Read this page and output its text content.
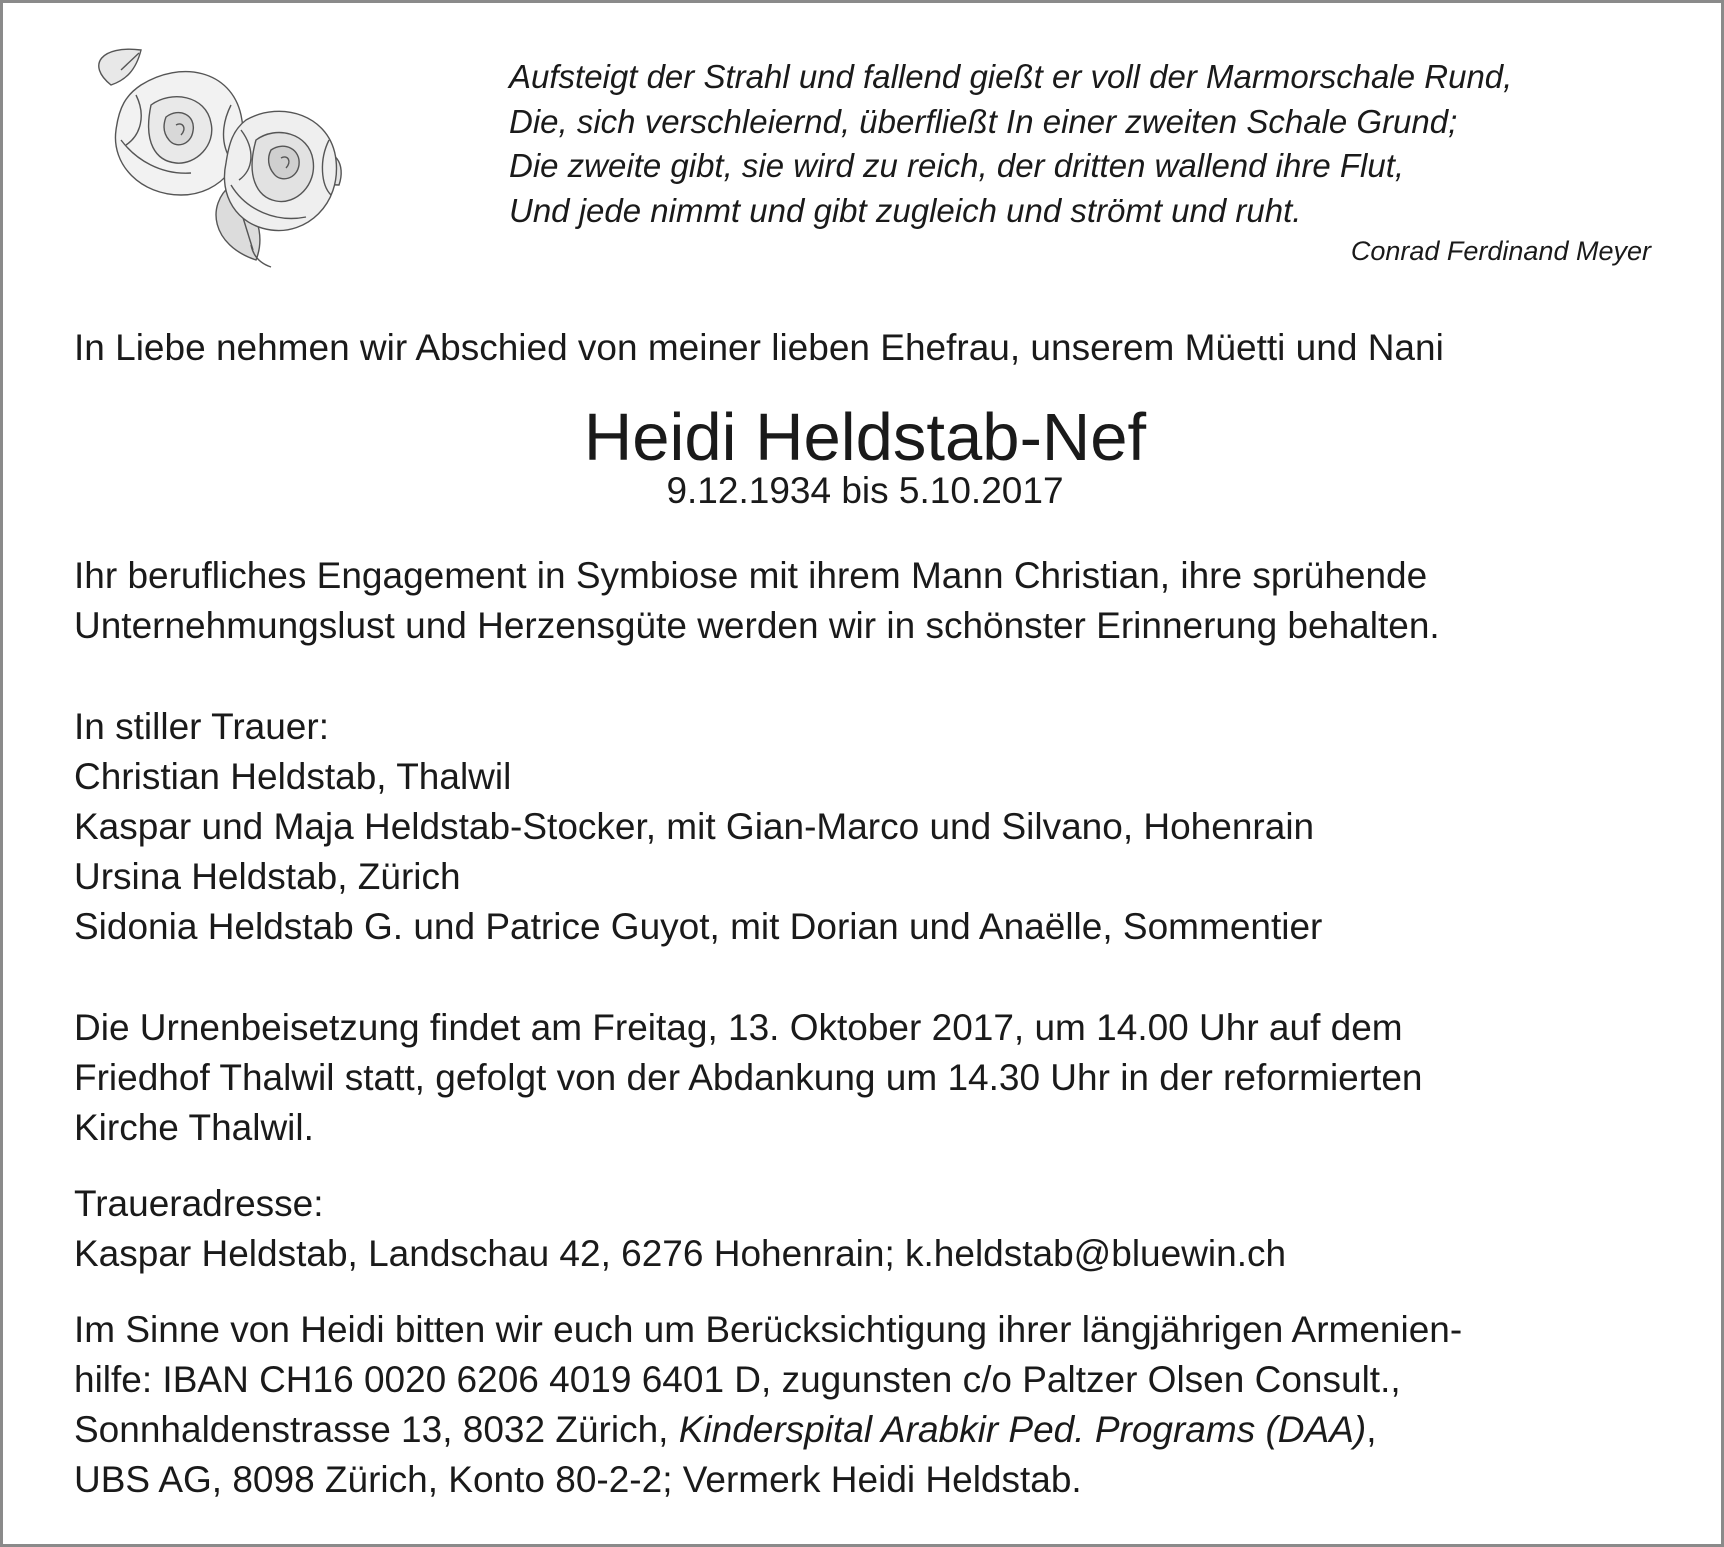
Aufsteigt der Strahl und fallend gießt er voll der Marmorschale Rund,
Die, sich verschleiernd, überfließt In einer zweiten Schale Grund;
Die zweite gibt, sie wird zu reich, der dritten wallend ihre Flut,
Und jede nimmt und gibt zugleich und strömt und ruht.
Conrad Ferdinand Meyer
In Liebe nehmen wir Abschied von meiner lieben Ehefrau, unserem Müetti und Nani
Heidi Heldstab-Nef
9.12.1934 bis 5.10.2017
Ihr berufliches Engagement in Symbiose mit ihrem Mann Christian, ihre sprühende
Unternehmungslust und Herzensgüte werden wir in schönster Erinnerung behalten.
In stiller Trauer:
Christian Heldstab, Thalwil
Kaspar und Maja Heldstab-Stocker, mit Gian-Marco und Silvano, Hohenrain
Ursina Heldstab, Zürich
Sidonia Heldstab G. und Patrice Guyot, mit Dorian und Anaëlle, Sommentier
Die Urnenbeisetzung findet am Freitag, 13. Oktober 2017, um 14.00 Uhr auf dem
Friedhof Thalwil statt, gefolgt von der Abdankung um 14.30 Uhr in der reformierten
Kirche Thalwil.
Traueradresse:
Kaspar Heldstab, Landschau 42, 6276 Hohenrain; k.heldstab@bluewin.ch
Im Sinne von Heidi bitten wir euch um Berücksichtigung ihrer längjährigen Armenien-
hilfe: IBAN CH16 0020 6206 4019 6401 D, zugunsten c/o Paltzer Olsen Consult.,
Sonnhaldenstrasse 13, 8032 Zürich, Kinderspital Arabkir Ped. Programs (DAA),
UBS AG, 8098 Zürich, Konto 80-2-2; Vermerk Heidi Heldstab.
